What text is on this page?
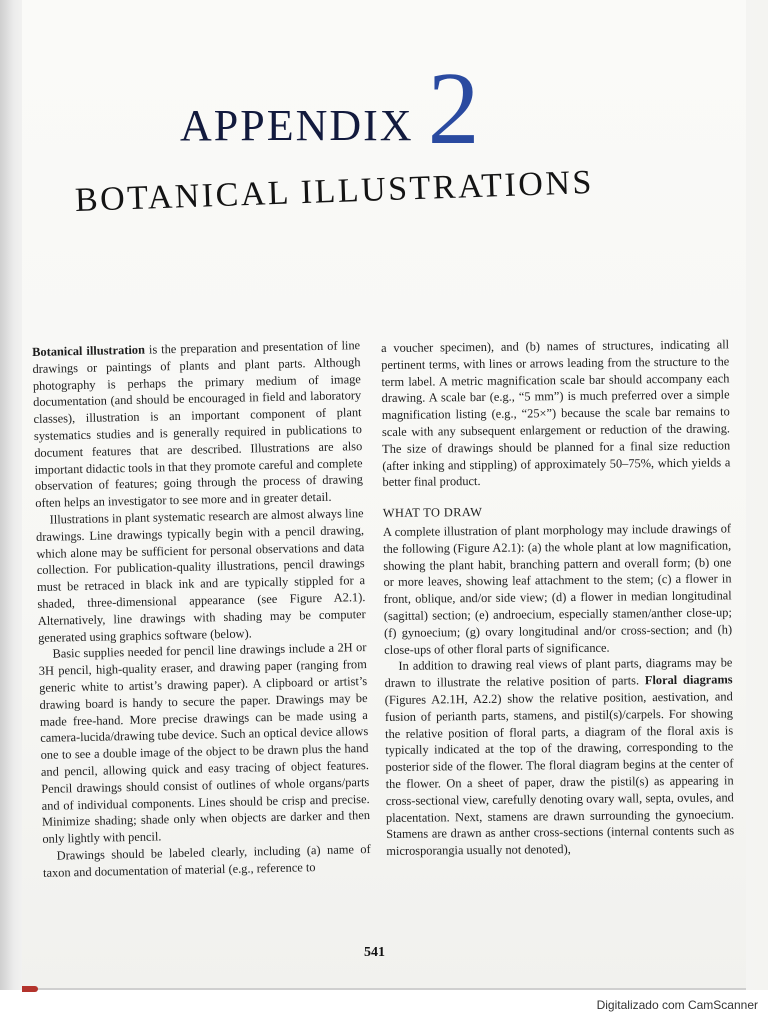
APPENDIX 2
BOTANICAL ILLUSTRATIONS

Botanical illustration is the preparation and presentation of line drawings or paintings of plants and plant parts. Although photography is perhaps the primary medium of image documentation (and should be encouraged in field and laboratory classes), illustration is an important component of plant systematics studies and is generally required in publications to document features that are described. Illustrations are also important didactic tools in that they promote careful and complete observation of features; going through the process of drawing often helps an investigator to see more and in greater detail.

Illustrations in plant systematic research are almost always line drawings. Line drawings typically begin with a pencil drawing, which alone may be sufficient for personal observations and data collection. For publication-quality illustrations, pencil drawings must be retraced in black ink and are typically stippled for a shaded, three-dimensional appearance (see Figure A2.1). Alternatively, line drawings with shading may be computer generated using graphics software (below).

Basic supplies needed for pencil line drawings include a 2H or 3H pencil, high-quality eraser, and drawing paper (ranging from generic white to artist’s drawing paper). A clipboard or artist’s drawing board is handy to secure the paper. Drawings may be made free-hand. More precise drawings can be made using a camera-lucida/drawing tube device. Such an optical device allows one to see a double image of the object to be drawn plus the hand and pencil, allowing quick and easy tracing of object features. Pencil drawings should consist of outlines of whole organs/parts and of individual components. Lines should be crisp and precise. Minimize shading; shade only when objects are darker and then only lightly with pencil.

Drawings should be labeled clearly, including (a) name of taxon and documentation of material (e.g., reference to

a voucher specimen), and (b) names of structures, indicating all pertinent terms, with lines or arrows leading from the structure to the term label. A metric magnification scale bar should accompany each drawing. A scale bar (e.g., “5 mm”) is much preferred over a simple magnification listing (e.g., “25×”) because the scale bar remains to scale with any subsequent enlargement or reduction of the drawing. The size of drawings should be planned for a final size reduction (after inking and stippling) of approximately 50–75%, which yields a better final product.

WHAT TO DRAW

A complete illustration of plant morphology may include drawings of the following (Figure A2.1): (a) the whole plant at low magnification, showing the plant habit, branching pattern and overall form; (b) one or more leaves, showing leaf attachment to the stem; (c) a flower in front, oblique, and/or side view; (d) a flower in median longitudinal (sagittal) section; (e) androecium, especially stamen/anther close-up; (f) gynoecium; (g) ovary longitudinal and/or cross-section; and (h) close-ups of other floral parts of significance.

In addition to drawing real views of plant parts, diagrams may be drawn to illustrate the relative position of parts. Floral diagrams (Figures A2.1H, A2.2) show the relative position, aestivation, and fusion of perianth parts, stamens, and pistil(s)/carpels. For showing the relative position of floral parts, a diagram of the floral axis is typically indicated at the top of the drawing, corresponding to the posterior side of the flower. The floral diagram begins at the center of the flower. On a sheet of paper, draw the pistil(s) as appearing in cross-sectional view, carefully denoting ovary wall, septa, ovules, and placentation. Next, stamens are drawn surrounding the gynoecium. Stamens are drawn as anther cross-sections (internal contents such as microsporangia usually not denoted),

541
Digitalizado com CamScanner
